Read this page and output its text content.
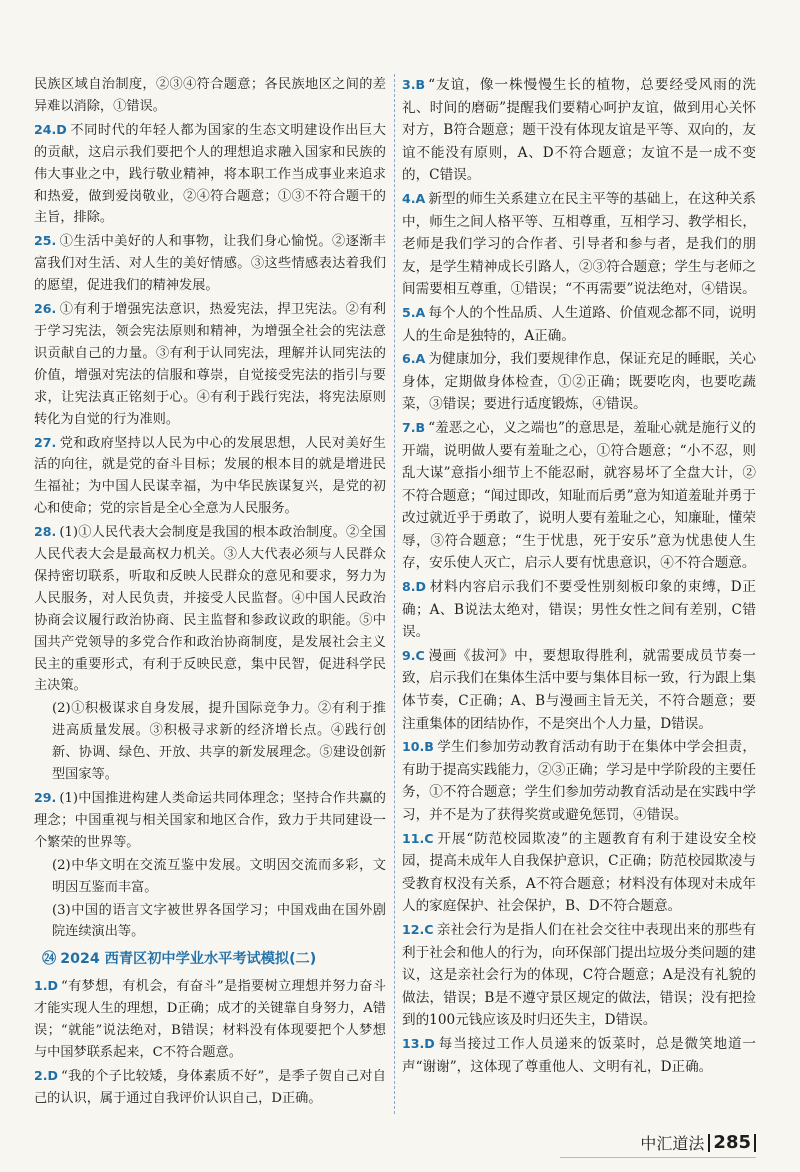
民族区域自治制度，②③④符合题意；各民族地区之间的差异难以消除，①错误。
24.D 不同时代的年轻人都为国家的生态文明建设作出巨大的贡献，这启示我们要把个人的理想追求融入国家和民族的伟大事业之中，践行敬业精神，将本职工作当成事业来追求和热爱，做到爱岗敬业，②④符合题意；①③不符合题干的主旨，排除。
25. ①生活中美好的人和事物，让我们身心愉悦。②逐渐丰富我们对生活、对人生的美好情感。③这些情感表达着我们的愿望，促进我们的精神发展。
26. ①有利于增强宪法意识，热爱宪法，捍卫宪法。②有利于学习宪法，领会宪法原则和精神，为增强全社会的宪法意识贡献自己的力量。③有利于认同宪法，理解并认同宪法的价值，增强对宪法的信服和尊崇，自觉接受宪法的指引与要求，让宪法真正铭刻于心。④有利于践行宪法，将宪法原则转化为自觉的行为准则。
27. 党和政府坚持以人民为中心的发展思想，人民对美好生活的向往，就是党的奋斗目标；发展的根本目的就是增进民生福祉；为中国人民谋幸福，为中华民族谋复兴，是党的初心和使命；党的宗旨是全心全意为人民服务。
28. (1)①人民代表大会制度是我国的根本政治制度。②全国人民代表大会是最高权力机关。③人大代表必须与人民群众保持密切联系，听取和反映人民群众的意见和要求，努力为人民服务，对人民负责，并接受人民监督。④中国人民政治协商会议履行政治协商、民主监督和参政议政的职能。⑤中国共产党领导的多党合作和政治协商制度，是发展社会主义民主的重要形式，有利于反映民意，集中民智，促进科学民主决策。
(2)①积极谋求自身发展，提升国际竞争力。②有利于推进高质量发展。③积极寻求新的经济增长点。④践行创新、协调、绿色、开放、共享的新发展理念。⑤建设创新型国家等。
29. (1)中国推进构建人类命运共同体理念；坚持合作共赢的理念；中国重视与相关国家和地区合作，致力于共同建设一个繁荣的世界等。
(2)中华文明在交流互鉴中发展。文明因交流而多彩，文明因互鉴而丰富。
(3)中国的语言文字被世界各国学习；中国戏曲在国外剧院连续演出等。
㉔ 2024 西青区初中学业水平考试模拟(二)
1.D “有梦想，有机会，有奋斗”是指要树立理想并努力奋斗才能实现人生的理想，D正确；成才的关键靠自身努力，A错误；“就能”说法绝对，B错误；材料没有体现要把个人梦想与中国梦联系起来，C不符合题意。
2.D “我的个子比较矮，身体素质不好”，是季子贺自己对自己的认识，属于通过自我评价认识自己，D正确。
3.B “友谊，像一株慢慢生长的植物，总要经受风雨的洗礼、时间的磨砺”提醒我们要精心呵护友谊，做到用心关怀对方，B符合题意；题干没有体现友谊是平等、双向的，友谊不能没有原则，A、D不符合题意；友谊不是一成不变的，C错误。
4.A 新型的师生关系建立在民主平等的基础上，在这种关系中，师生之间人格平等、互相尊重，互相学习、教学相长，老师是我们学习的合作者、引导者和参与者，是我们的朋友，是学生精神成长引路人，②③符合题意；学生与老师之间需要相互尊重，①错误；“不再需要”说法绝对，④错误。
5.A 每个人的个性品质、人生道路、价值观念都不同，说明人的生命是独特的，A正确。
6.A 为健康加分，我们要规律作息，保证充足的睡眠，关心身体，定期做身体检查，①②正确；既要吃肉，也要吃蔬菜，③错误；要进行适度锻炼，④错误。
7.B “羞恶之心，义之端也”的意思是，羞耻心就是施行义的开端，说明做人要有羞耻之心，①符合题意；“小不忍，则乱大谋”意指小细节上不能忍耐，就容易坏了全盘大计，②不符合题意；“闻过即改，知耻而后勇”意为知道羞耻并勇于改过就近乎于勇敢了，说明人要有羞耻之心，知廉耻，懂荣辱，③符合题意；“生于忧患，死于安乐”意为忧患使人生存，安乐使人灭亡，启示人要有忧患意识，④不符合题意。
8.D 材料内容启示我们不要受性别刻板印象的束缚，D正确；A、B说法太绝对，错误；男性女性之间有差别，C错误。
9.C 漫画《拔河》中，要想取得胜利，就需要成员节奏一致，启示我们在集体生活中要与集体目标一致，行为跟上集体节奏，C正确；A、B与漫画主旨无关，不符合题意；要注重集体的团结协作，不是突出个人力量，D错误。
10.B 学生们参加劳动教育活动有助于在集体中学会担责，有助于提高实践能力，②③正确；学习是中学阶段的主要任务，①不符合题意；学生们参加劳动教育活动是在实践中学习，并不是为了获得奖赏或避免惩罚，④错误。
11.C 开展“防范校园欺凌”的主题教育有利于建设安全校园，提高未成年人自我保护意识，C正确；防范校园欺凌与受教育权没有关系，A不符合题意；材料没有体现对未成年人的家庭保护、社会保护，B、D不符合题意。
12.C 亲社会行为是指人们在社会交往中表现出来的那些有利于社会和他人的行为，向环保部门提出垃圾分类问题的建议，这是亲社会行为的体现，C符合题意；A是没有礼貌的做法，错误；B是不遵守景区规定的做法，错误；没有把捡到的100元钱应该及时归还失主，D错误。
13.D 每当接过工作人员递来的饭菜时，总是微笑地道一声“谢谢”，这体现了尊重他人、文明有礼，D正确。
中汇道法 285
